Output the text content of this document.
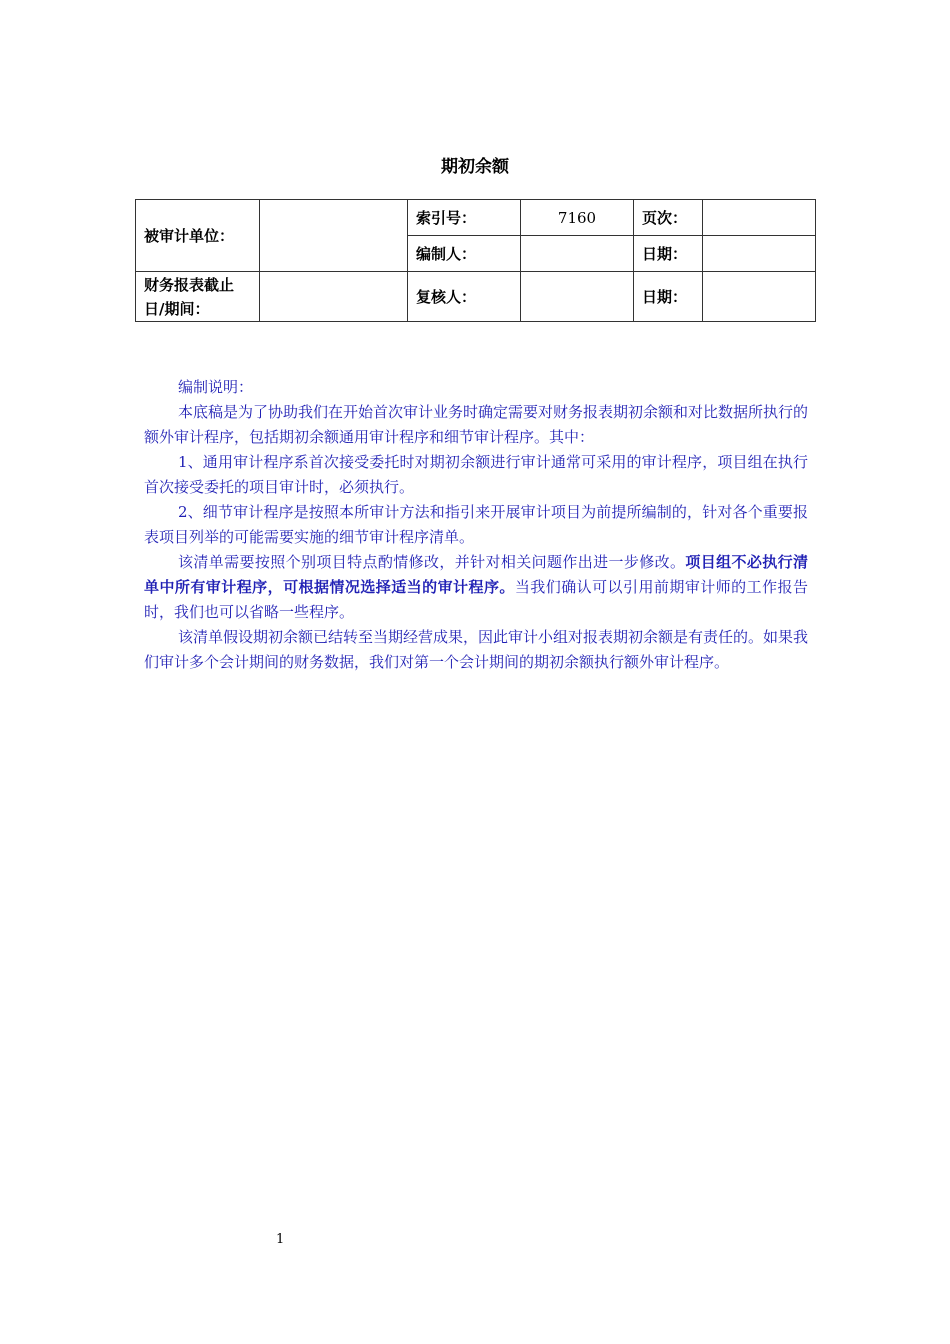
期初余额
被审计单位：		索引号：	7160	页次：	
		编制人：		日期：	
财务报表截止
日/期间：		复核人：		日期：	

编制说明：

本底稿是为了协助我们在开始首次审计业务时确定需要对财务报表期初余额和对比数据所执行的额外审计程序，包括期初余额通用审计程序和细节审计程序。其中：

1、通用审计程序系首次接受委托时对期初余额进行审计通常可采用的审计程序，项目组在执行首次接受委托的项目审计时，必须执行。

2、细节审计程序是按照本所审计方法和指引来开展审计项目为前提所编制的，针对各个重要报表项目列举的可能需要实施的细节审计程序清单。

该清单需要按照个别项目特点酌情修改，并针对相关问题作出进一步修改。项目组不必执行清单中所有审计程序，可根据情况选择适当的审计程序。当我们确认可以引用前期审计师的工作报告时，我们也可以省略一些程序。

该清单假设期初余额已结转至当期经营成果，因此审计小组对报表期初余额是有责任的。如果我们审计多个会计期间的财务数据，我们对第一个会计期间的期初余额执行额外审计程序。

1
